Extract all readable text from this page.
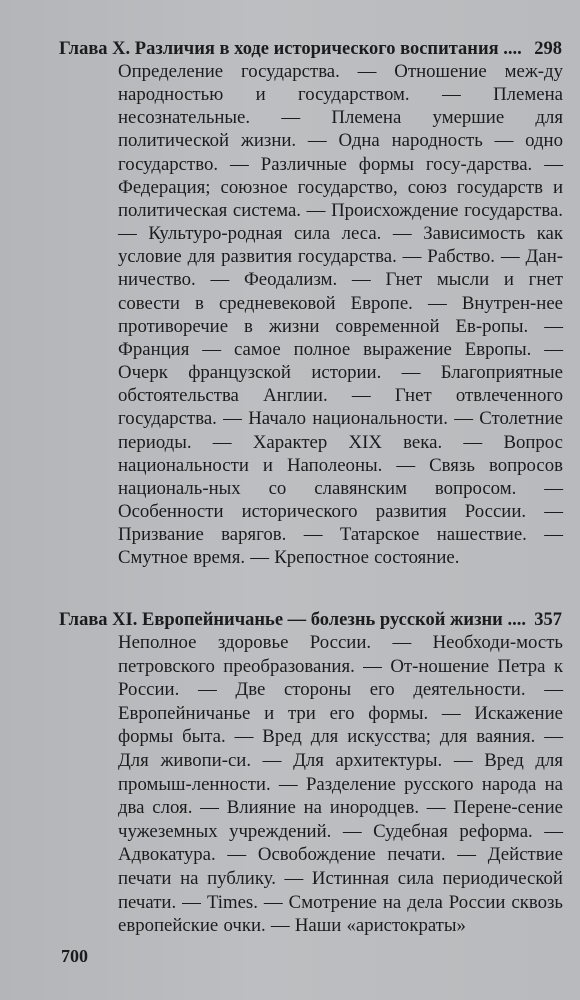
Глава X. Различия в ходе исторического воспитания .... 298
Определение государства. — Отношение меж-ду народностью и государством. — Племена несознательные. — Племена умершие для политической жизни. — Одна народность — одно государство. — Различные формы госу-дарства. — Федерация; союзное государство, союз государств и политическая система. — Происхождение государства. — Культуро-родная сила леса. — Зависимость как условие для развития государства. — Рабство. — Дан-ничество. — Феодализм. — Гнет мысли и гнет совести в средневековой Европе. — Внутрен-нее противоречие в жизни современной Ев-ропы. — Франция — самое полное выражение Европы. — Очерк французской истории. — Благоприятные обстоятельства Англии. — Гнет отвлеченного государства. — Начало национальности. — Столетние периоды. — Характер XIX века. — Вопрос национальности и Наполеоны. — Связь вопросов националь-ных со славянским вопросом. — Особенности исторического развития России. — Призвание варягов. — Татарское нашествие. — Смутное время. — Крепостное состояние.
Глава XI. Европейничанье — болезнь русской жизни .... 357
Неполное здоровье России. — Необходи-мость петровского преобразования. — От-ношение Петра к России. — Две стороны его деятельности. — Европейничанье и три его формы. — Искажение формы быта. — Вред для искусства; для ваяния. — Для живопи-си. — Для архитектуры. — Вред для промыш-ленности. — Разделение русского народа на два слоя. — Влияние на инородцев. — Перене-сение чужеземных учреждений. — Судебная реформа. — Адвокатура. — Освобождение печати. — Действие печати на публику. — Истинная сила периодической печати. — Times. — Смотрение на дела России сквозь европейские очки. — Наши «аристократы»
700
